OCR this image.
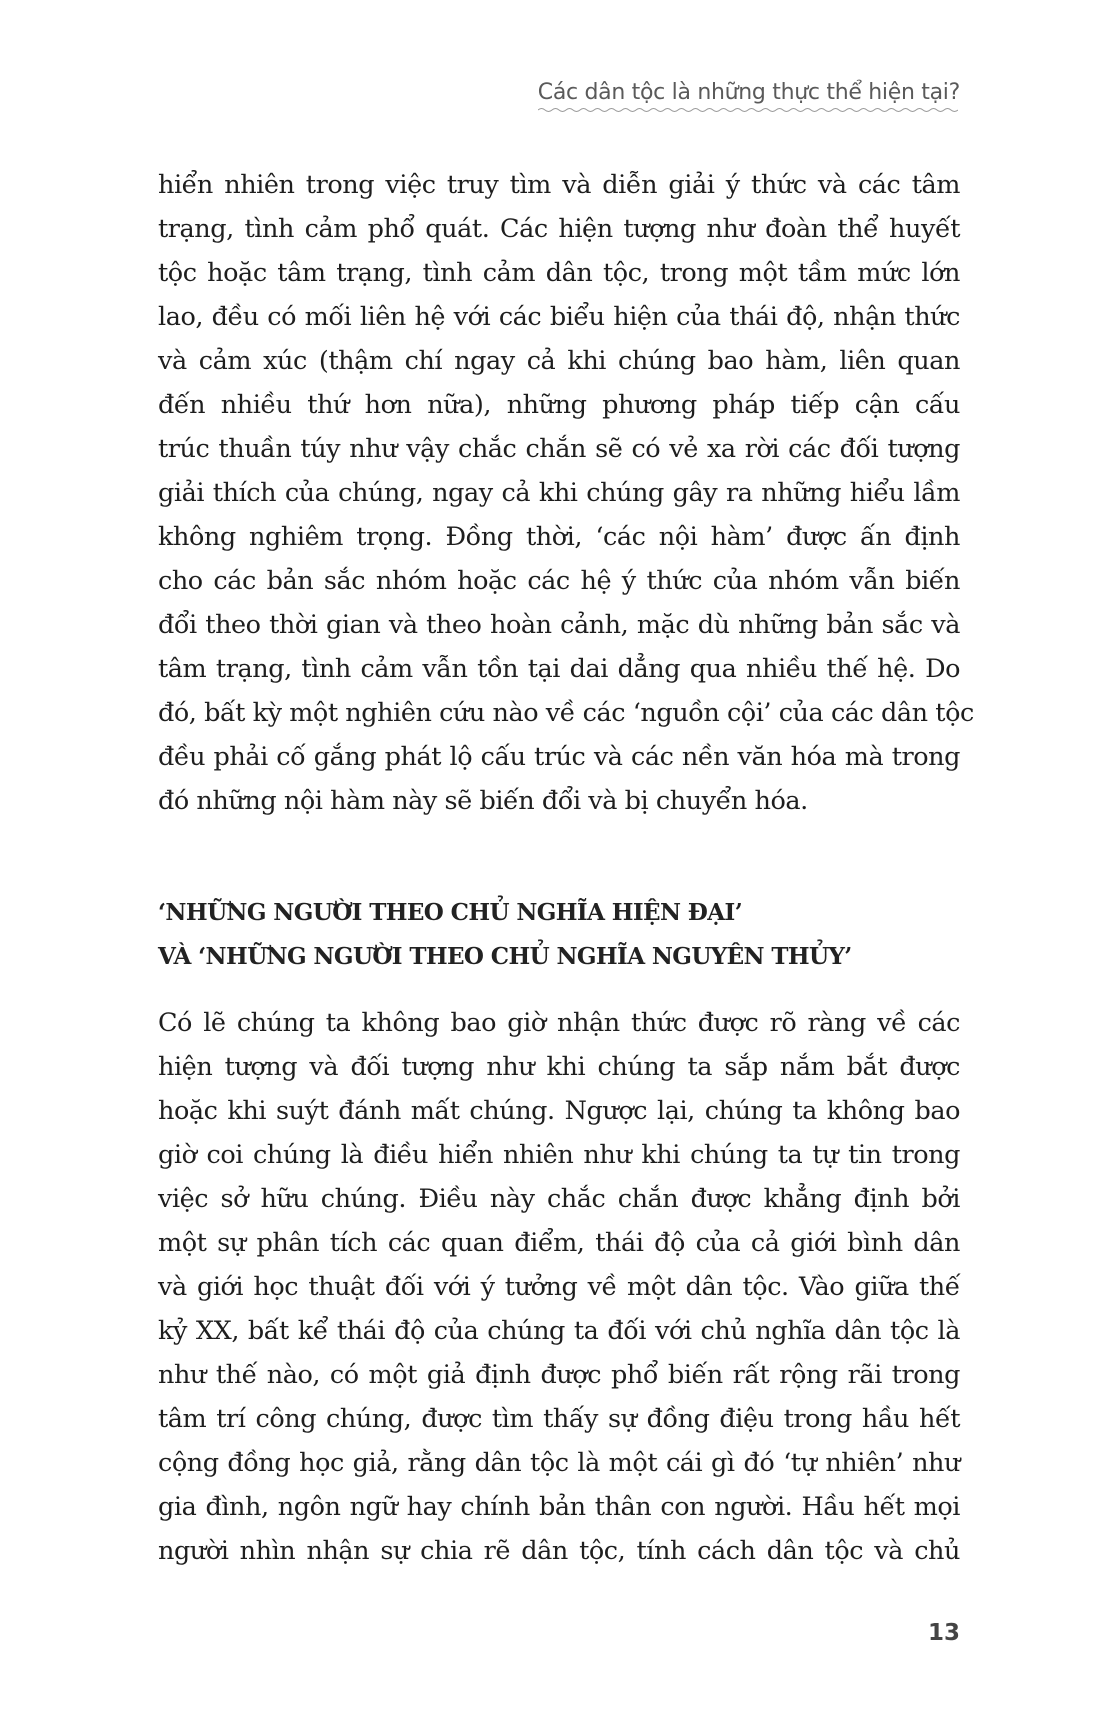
Các dân tộc là những thực thể hiện tại?
hiển nhiên trong việc truy tìm và diễn giải ý thức và các tâm
trạng, tình cảm phổ quát. Các hiện tượng như đoàn thể huyết
tộc hoặc tâm trạng, tình cảm dân tộc, trong một tầm mức lớn
lao, đều có mối liên hệ với các biểu hiện của thái độ, nhận thức
và cảm xúc (thậm chí ngay cả khi chúng bao hàm, liên quan
đến nhiều thứ hơn nữa), những phương pháp tiếp cận cấu
trúc thuần túy như vậy chắc chắn sẽ có vẻ xa rời các đối tượng
giải thích của chúng, ngay cả khi chúng gây ra những hiểu lầm
không nghiêm trọng. Đồng thời, ‘các nội hàm’ được ấn định
cho các bản sắc nhóm hoặc các hệ ý thức của nhóm vẫn biến
đổi theo thời gian và theo hoàn cảnh, mặc dù những bản sắc và
tâm trạng, tình cảm vẫn tồn tại dai dẳng qua nhiều thế hệ. Do
đó, bất kỳ một nghiên cứu nào về các ‘nguồn cội’ của các dân tộc
đều phải cố gắng phát lộ cấu trúc và các nền văn hóa mà trong
đó những nội hàm này sẽ biến đổi và bị chuyển hóa.
‘NHỮNG NGƯỜI THEO CHỦ NGHĨA HIỆN ĐẠI’
VÀ ‘NHỮNG NGƯỜI THEO CHỦ NGHĨA NGUYÊN THỦY’
Có lẽ chúng ta không bao giờ nhận thức được rõ ràng về các
hiện tượng và đối tượng như khi chúng ta sắp nắm bắt được
hoặc khi suýt đánh mất chúng. Ngược lại, chúng ta không bao
giờ coi chúng là điều hiển nhiên như khi chúng ta tự tin trong
việc sở hữu chúng. Điều này chắc chắn được khẳng định bởi
một sự phân tích các quan điểm, thái độ của cả giới bình dân
và giới học thuật đối với ý tưởng về một dân tộc. Vào giữa thế
kỷ XX, bất kể thái độ của chúng ta đối với chủ nghĩa dân tộc là
như thế nào, có một giả định được phổ biến rất rộng rãi trong
tâm trí công chúng, được tìm thấy sự đồng điệu trong hầu hết
cộng đồng học giả, rằng dân tộc là một cái gì đó ‘tự nhiên’ như
gia đình, ngôn ngữ hay chính bản thân con người. Hầu hết mọi
người nhìn nhận sự chia rẽ dân tộc, tính cách dân tộc và chủ
13
